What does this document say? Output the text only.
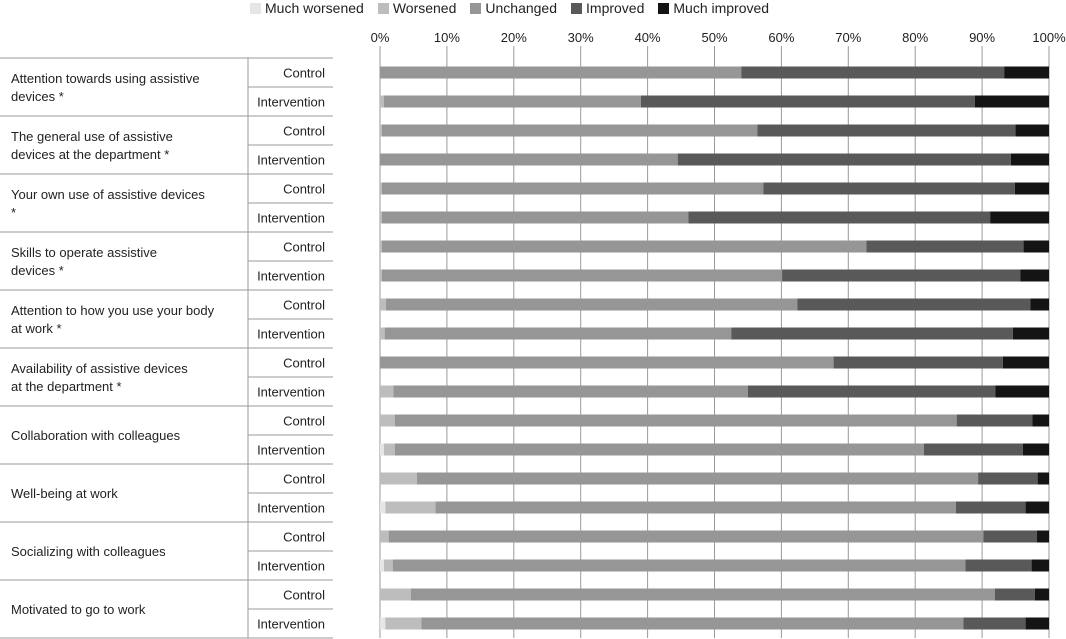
Much worsened Worsened Unchanged Improved Much improved
0%	10%	20%	30%	40%	50%	60%	70%	80%	90%	100%
Attention towards using assistive devices *
Control
Intervention
The general use of assistive devices at the department *
Control
Intervention
Your own use of assistive devices *
Control
Intervention
Skills to operate assistive devices *
Control
Intervention
Attention to how you use your body at work *
Control
Intervention
Availability of assistive devices at the department *
Control
Intervention
Collaboration with colleagues
Control
Intervention
Well-being at work
Control
Intervention
Socializing with colleagues
Control
Intervention
Motivated to go to work
Control
Intervention
